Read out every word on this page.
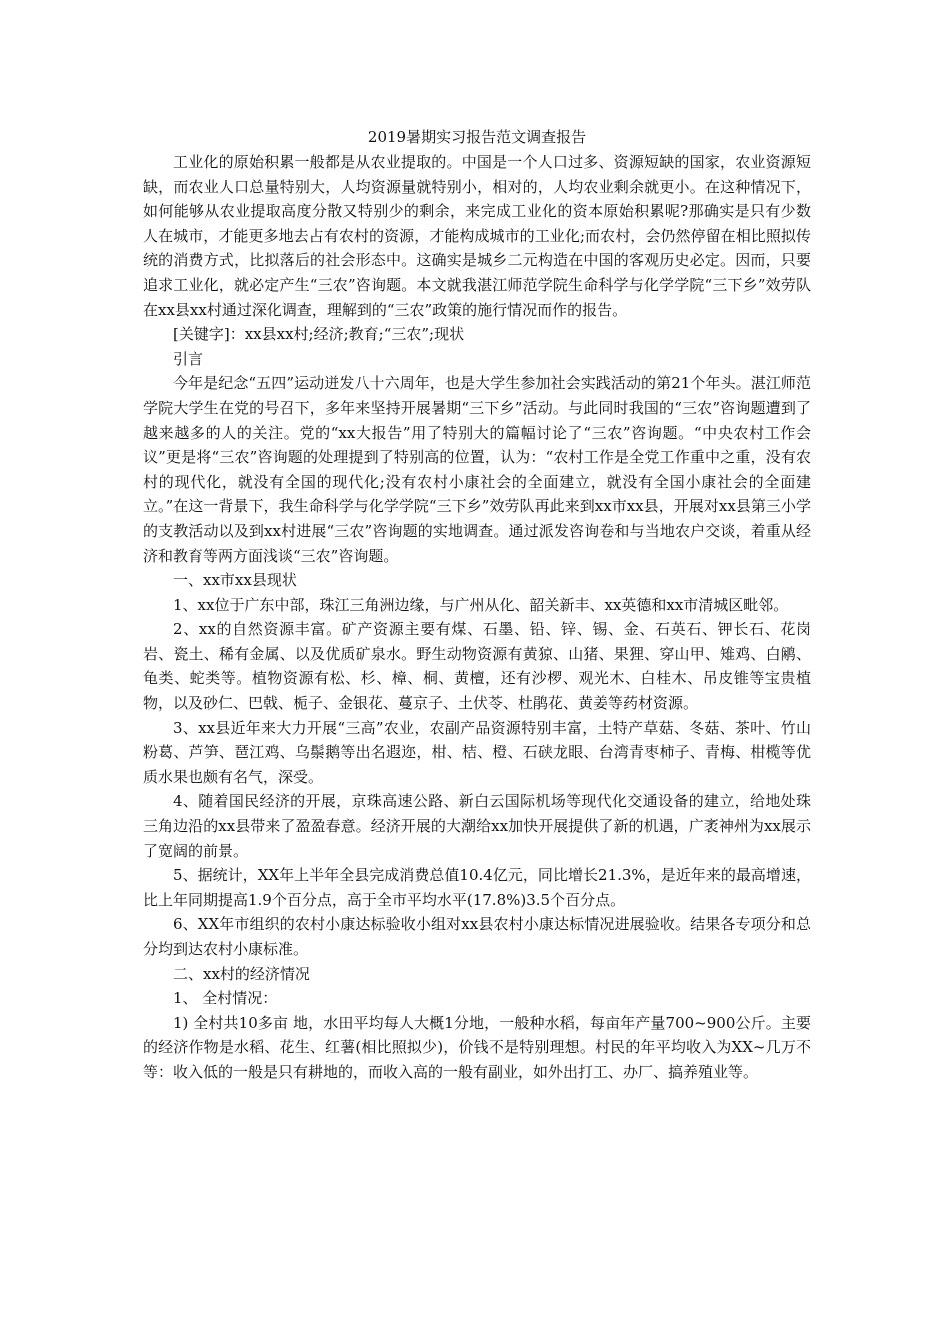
2019暑期实习报告范文调查报告

工业化的原始积累一般都是从农业提取的。中国是一个人口过多、资源短缺的国家，农业资源短缺，而农业人口总量特别大，人均资源量就特别小，相对的，人均农业剩余就更小。在这种情况下，如何能够从农业提取高度分散又特别少的剩余，来完成工业化的资本原始积累呢?那确实是只有少数人在城市，才能更多地去占有农村的资源，才能构成城市的工业化;而农村，会仍然停留在相比照拟传统的消费方式，比拟落后的社会形态中。这确实是城乡二元构造在中国的客观历史必定。因而，只要追求工业化，就必定产生“三农”咨询题。本文就我湛江师范学院生命科学与化学学院“三下乡”效劳队在xx县xx村通过深化调查，理解到的“三农”政策的施行情况而作的报告。

[关键字]：xx县xx村;经济;教育;“三农”;现状

引言

今年是纪念“五四”运动迸发八十六周年，也是大学生参加社会实践活动的第21个年头。湛江师范学院大学生在党的号召下，多年来坚持开展暑期“三下乡”活动。与此同时我国的“三农”咨询题遭到了越来越多的人的关注。党的“xx大报告”用了特别大的篇幅讨论了“三农”咨询题。“中央农村工作会议”更是将“三农”咨询题的处理提到了特别高的位置，认为：“农村工作是全党工作重中之重，没有农村的现代化，就没有全国的现代化;没有农村小康社会的全面建立，就没有全国小康社会的全面建立。”在这一背景下，我生命科学与化学学院“三下乡”效劳队再此来到xx市xx县，开展对xx县第三小学的支教活动以及到xx村进展“三农”咨询题的实地调查。通过派发咨询卷和与当地农户交谈，着重从经济和教育等两方面浅谈“三农”咨询题。

一、xx市xx县现状

1、xx位于广东中部，珠江三角洲边缘，与广州从化、韶关新丰、xx英德和xx市清城区毗邻。

2、xx的自然资源丰富。矿产资源主要有煤、石墨、铅、锌、锡、金、石英石、钾长石、花岗岩、瓷土、稀有金属、以及优质矿泉水。野生动物资源有黄猄、山猪、果狸、穿山甲、雉鸡、白鹇、龟类、蛇类等。植物资源有松、杉、樟、桐、黄檀，还有沙椤、观光木、白桂木、吊皮锥等宝贵植物，以及砂仁、巴戟、栀子、金银花、蔓京子、土伏苓、杜鹃花、黄姜等药材资源。

3、xx县近年来大力开展“三高”农业，农副产品资源特别丰富，土特产草菇、冬菇、茶叶、竹山粉葛、芦笋、琶江鸡、乌鬃鹅等出名遐迩，柑、桔、橙、石硖龙眼、台湾青枣柿子、青梅、柑榄等优质水果也颇有名气，深受。

4、随着国民经济的开展，京珠高速公路、新白云国际机场等现代化交通设备的建立，给地处珠三角边沿的xx县带来了盈盈春意。经济开展的大潮给xx加快开展提供了新的机遇，广袤神州为xx展示了宽阔的前景。

5、据统计，XX年上半年全县完成消费总值10.4亿元，同比增长21.3%，是近年来的最高增速，比上年同期提高1.9个百分点，高于全市平均水平(17.8%)3.5个百分点。

6、XX年市组织的农村小康达标验收小组对xx县农村小康达标情况进展验收。结果各专项分和总分均到达农村小康标准。

二、xx村的经济情况

1、 全村情况：

1) 全村共10多亩 地，水田平均每人大概1分地，一般种水稻，每亩年产量700~900公斤。主要的经济作物是水稻、花生、红薯(相比照拟少)，价钱不是特别理想。村民的年平均收入为XX~几万不等：收入低的一般是只有耕地的，而收入高的一般有副业，如外出打工、办厂、搞养殖业等。
